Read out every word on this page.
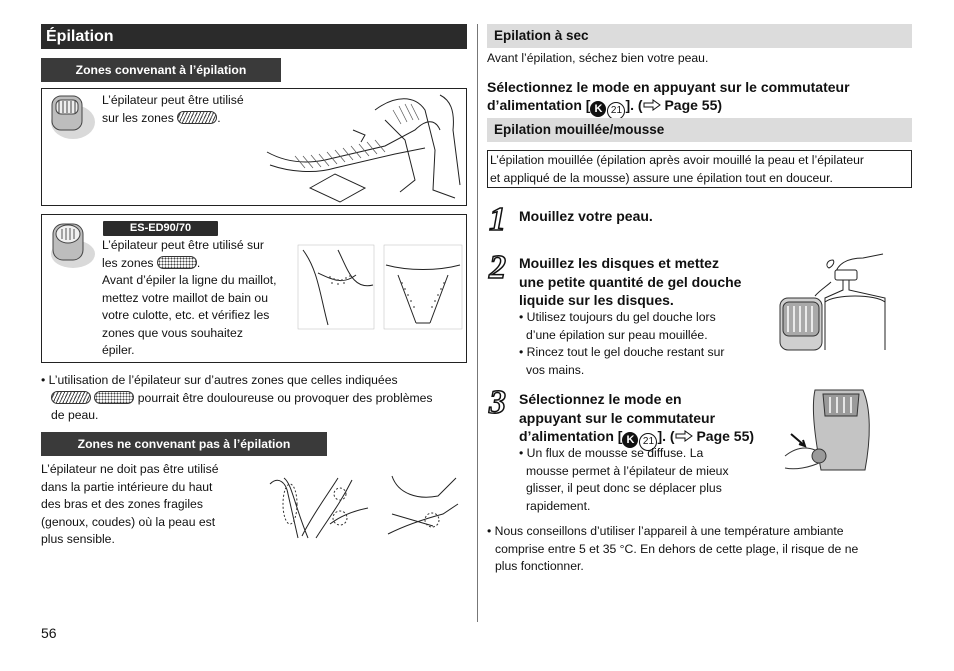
Épilation
Zones convenant à l’épilation
L’épilateur peut être utilisé
sur les zones	.
ES-ED90/70
L’épilateur peut être utilisé sur
les zones	.
Avant d’épiler la ligne du maillot,
mettez votre maillot de bain ou
votre culotte, etc. et vérifiez les
zones que vous souhaitez
épiler.
• L’utilisation de l’épilateur sur d’autres zones que celles indiquées
pourrait être douloureuse ou provoquer des problèmes
de peau.
Zones ne convenant pas à l’épilation
L’épilateur ne doit pas être utilisé
dans la partie intérieure du haut
des bras et des zones fragiles
(genoux, coudes) où la peau est
plus sensible.
56
Epilation à sec
Avant l’épilation, séchez bien votre peau.
Sélectionnez le mode en appuyant sur le commutateur
d’alimentation [ K 21 ]. ( Page 55)
Epilation mouillée/mousse
L’épilation mouillée (épilation après avoir mouillé la peau et l’épilateur
et appliqué de la mousse) assure une épilation tout en douceur.
1 Mouillez votre peau.
2 Mouillez les disques et mettez
une petite quantité de gel douche
liquide sur les disques.
• Utilisez toujours du gel douche lors
d’une épilation sur peau mouillée.
• Rincez tout le gel douche restant sur
vos mains.
3 Sélectionnez le mode en
appuyant sur le commutateur
d’alimentation [ K 21 ]. ( Page 55)
• Un flux de mousse se diffuse. La
mousse permet à l’épilateur de mieux
glisser, il peut donc se déplacer plus
rapidement.
• Nous conseillons d’utiliser l’appareil à une température ambiante
comprise entre 5 et 35 °C. En dehors de cette plage, il risque de ne
plus fonctionner.
